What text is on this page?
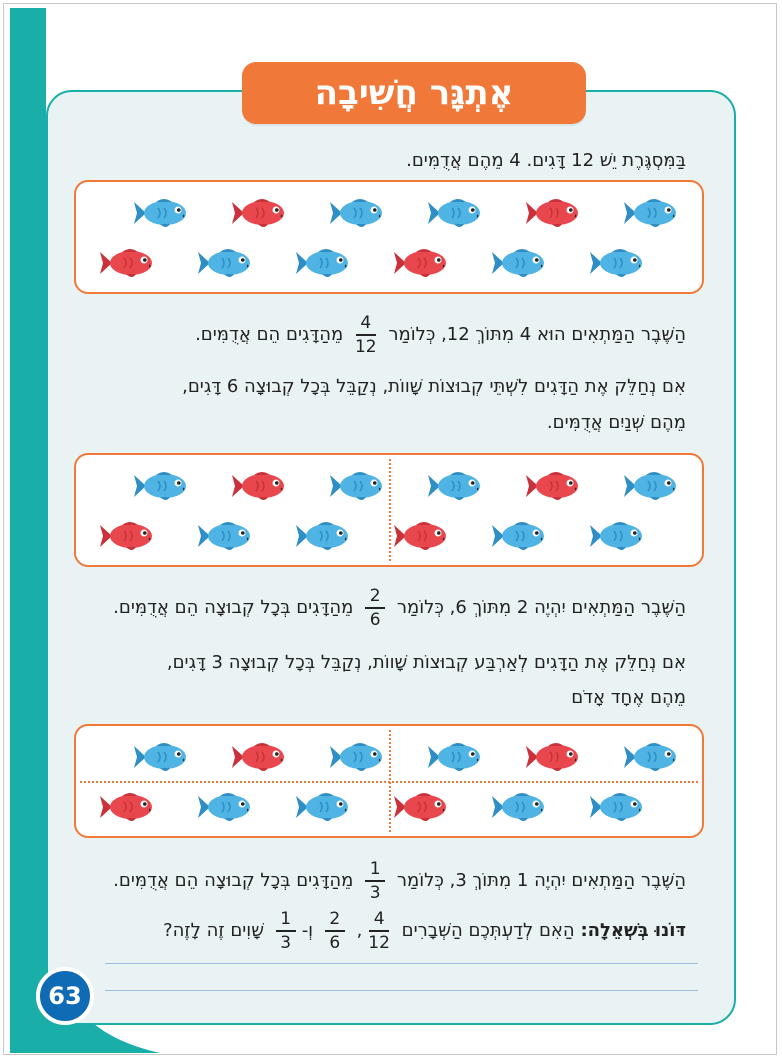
אֶתְגָּר חֲשִׁיבָה
בַּמִּסְגֶּרֶת יֵשׁ 12 דָּגִים. 4 מֵהֶם אֲדֻמִּים.
הַשֶּׁבֶר הַמַּתְאִים הוּא 4 מִתּוֹךְ 12, כְּלוֹמַר
$\frac{4}{12}$
מֵהַדָּגִים הֵם אֲדֻמִּים.
אִם נְחַלֵּק אֶת הַדָּגִים לִשְׁתֵּי קְבוּצוֹת שָׁווֹת, נְקַבֵּל בְּכָל קְבוּצָה 6 דָּגִים,
מֵהֶם שְׁנַיִם אֲדֻמִּים.
הַשֶּׁבֶר הַמַּתְאִים יִהְיֶה 2 מִתּוֹךְ 6, כְּלוֹמַר
$\frac{2}{6}$
מֵהַדָּגִים בְּכָל קְבוּצָה הֵם אֲדֻמִּים.
אִם נְחַלֵּק אֶת הַדָּגִים לְאַרְבַּע קְבוּצוֹת שָׁווֹת, נְקַבֵּל בְּכָל קְבוּצָה 3 דָּגִים,
מֵהֶם אֶחָד אָדֹם
הַשֶּׁבֶר הַמַּתְאִים יִהְיֶה 1 מִתּוֹךְ 3, כְּלוֹמַר
$\frac{1}{3}$
מֵהַדָּגִים בְּכָל קְבוּצָה הֵם אֲדֻמִּים.
דּוֹנוּ בְּשְׁאֵלָה: הַאִם לְדַעְתְּכֶם הַשְּׁבָרִים
$\frac{4}{12}$
,
$\frac{2}{6}$
וְ-
$\frac{1}{3}$
שָׁוִים זֶה לָזֶה?
63
